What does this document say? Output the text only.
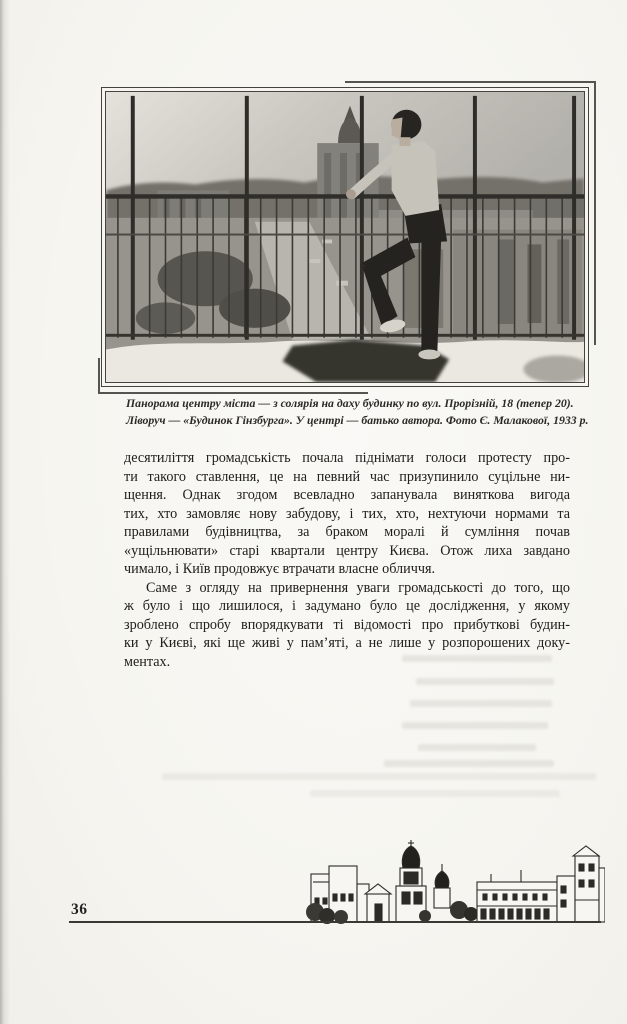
Панорама центру міста — з солярія на даху будинку по вул. Прорізній, 18 (тепер 20).
Ліворуч — «Будинок Гінзбурга». У центрі — батько автора. Фото Є. Малакової, 1933 р.
десятиліття громадськість почала піднімати голоси протесту про-
ти такого ставлення, це на певний час призупинило суцільне ни-
щення. Однак згодом всевладно запанувала виняткова вигода
тих, хто замовляє нову забудову, і тих, хто, нехтуючи нормами та
правилами будівництва, за браком моралі й сумління почав
«ущільнювати» старі квартали центру Києва. Отож лиха завдано
чимало, і Київ продовжує втрачати власне обличчя.
Саме з огляду на привернення уваги громадськості до того, що
ж було і що лишилося, і задумано було це дослідження, у якому
зроблено спробу впорядкувати ті відомості про прибуткові будин-
ки у Києві, які ще живі у пам’яті, а не лише у розпорошених доку-
ментах.
36
